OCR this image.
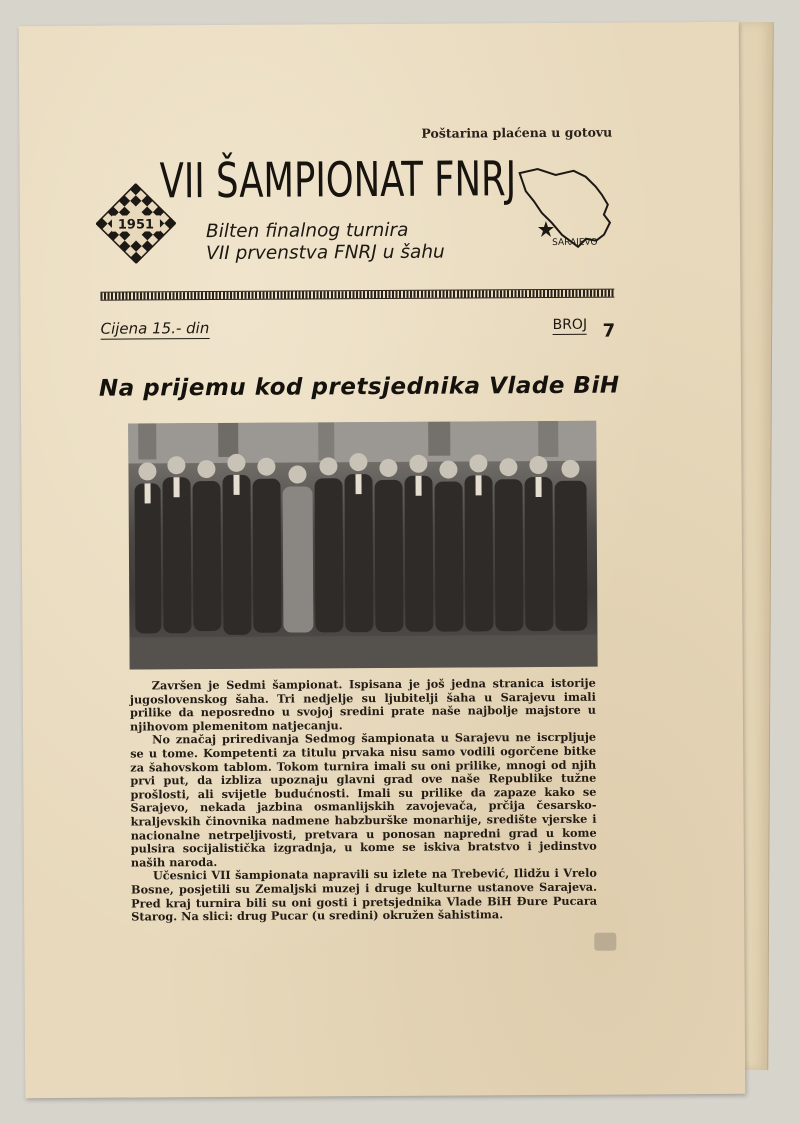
Poštarina plaćena u gotovu
1951
VII ŠAMPIONAT FNRJ
Bilten finalnog turnira
VII prvenstva FNRJ u šahu	SARAJEVO
Cijena 15.- din	BROJ 7
Na prijemu kod pretsjednika Vlade BiH

Završen je Sedmi šampionat. Ispisana je još jedna stranica istorije jugoslovenskog šaha. Tri nedjelje su ljubitelji šaha u Sarajevu imali prilike da neposredno u svojoj sredini prate naše najbolje majstore u njihovom plemenitom natjecanju.

No značaj priredivanja Sedmog šampionata u Sarajevu ne iscrpljuje se u tome. Kompetenti za titulu prvaka nisu samo vodili ogorčene bitke za šahovskom tablom. Tokom turnira imali su oni prilike, mnogi od njih prvi put, da izbliza upoznaju glavni grad ove naše Republike tužne prošlosti, ali svijetle budućnosti. Imali su prilike da zapaze kako se Sarajevo, nekada jazbina osmanlijskih zavojevača, prčija česarsko-kraljevskih činovnika nadmene habzburške monarhije, središte vjerske i nacionalne netrpeljivosti, pretvara u ponosan napredni grad u kome pulsira socijalistička izgradnja, u kome se iskiva bratstvo i jedinstvo naših naroda.

Učesnici VII šampionata napravili su izlete na Trebević, Ilidžu i Vrelo Bosne, posjetili su Zemaljski muzej i druge kulturne ustanove Sarajeva. Pred kraj turnira bili su oni gosti i pretsjednika Vlade BiH Đure Pucara Starog. Na slici: drug Pucar (u sredini) okružen šahistima.
